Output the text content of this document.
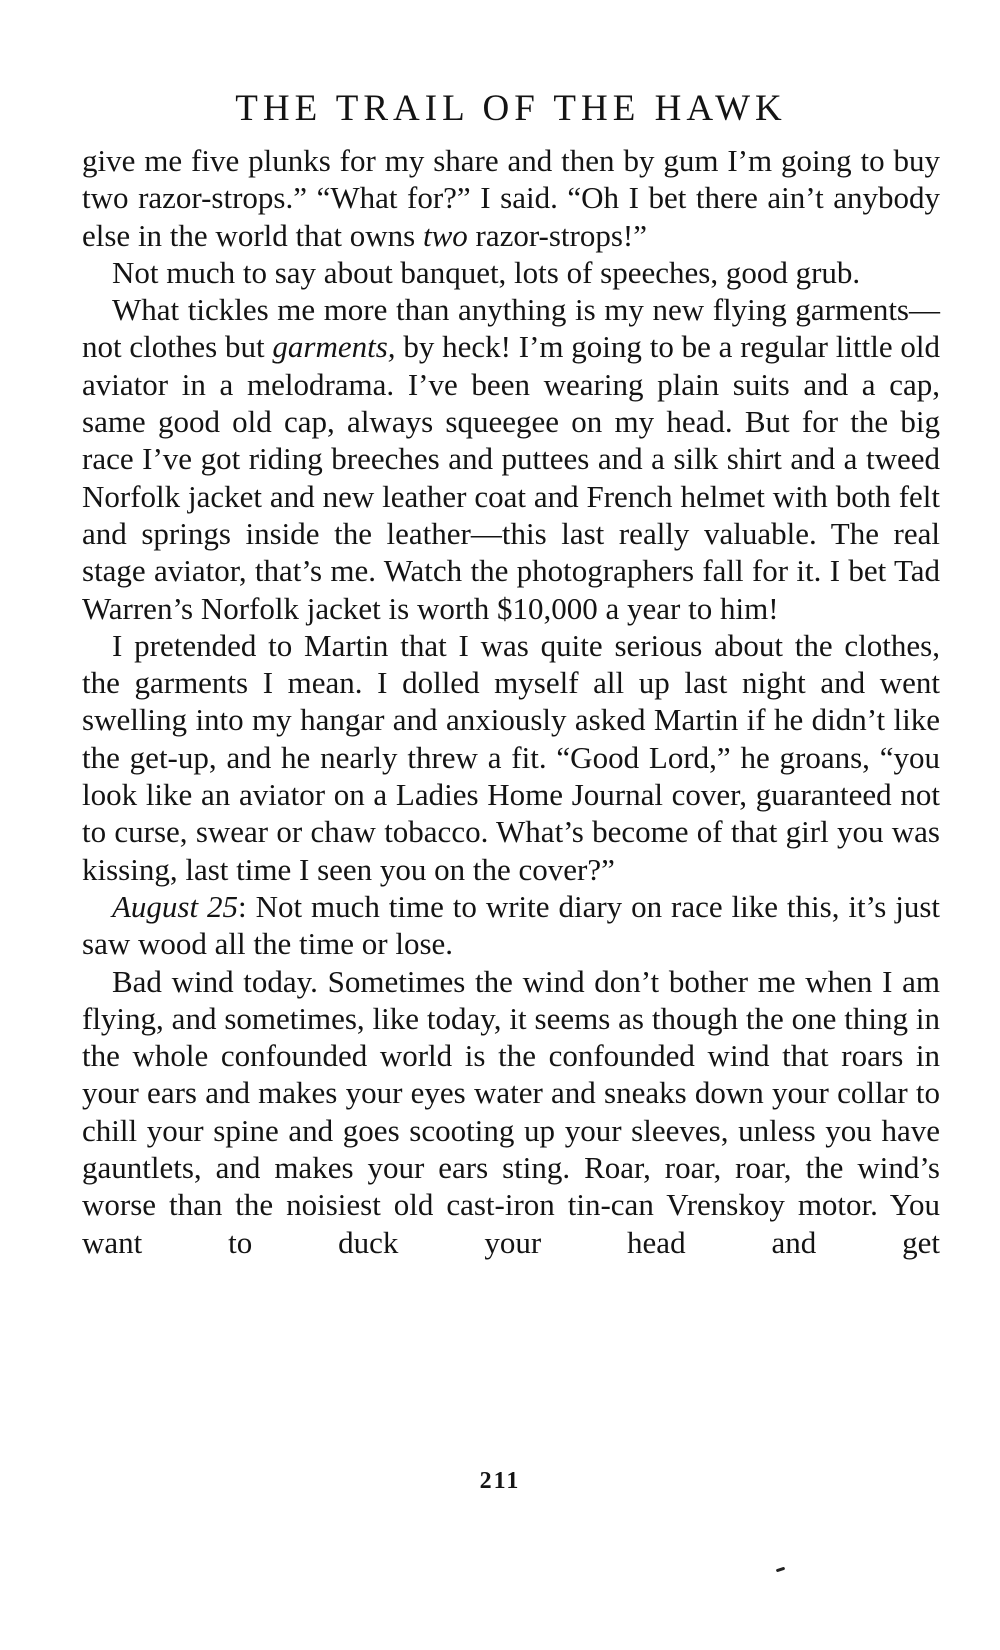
THE TRAIL OF THE HAWK

give me five plunks for my share and then by gum I’m going to buy two razor-strops.” “What for?” I said. “Oh I bet there ain’t anybody else in the world that owns two razor-strops!”

Not much to say about banquet, lots of speeches, good grub.

What tickles me more than anything is my new flying garments—not clothes but garments, by heck! I’m going to be a regular little old aviator in a melodrama. I’ve been wearing plain suits and a cap, same good old cap, always squeegee on my head. But for the big race I’ve got riding breeches and puttees and a silk shirt and a tweed Norfolk jacket and new leather coat and French helmet with both felt and springs inside the leather—this last really valuable. The real stage aviator, that’s me. Watch the photographers fall for it. I bet Tad Warren’s Norfolk jacket is worth $10,000 a year to him!

I pretended to Martin that I was quite serious about the clothes, the garments I mean. I dolled myself all up last night and went swelling into my hangar and anxiously asked Martin if he didn’t like the get-up, and he nearly threw a fit. “Good Lord,” he groans, “you look like an aviator on a Ladies Home Journal cover, guaranteed not to curse, swear or chaw tobacco. What’s become of that girl you was kissing, last time I seen you on the cover?”

August 25: Not much time to write diary on race like this, it’s just saw wood all the time or lose.

Bad wind today. Sometimes the wind don’t bother me when I am flying, and sometimes, like today, it seems as though the one thing in the whole confounded world is the confounded wind that roars in your ears and makes your eyes water and sneaks down your collar to chill your spine and goes scooting up your sleeves, unless you have gauntlets, and makes your ears sting. Roar, roar, roar, the wind’s worse than the noisiest old cast-iron tin-can Vrenskoy motor. You want to duck your head and get

211
